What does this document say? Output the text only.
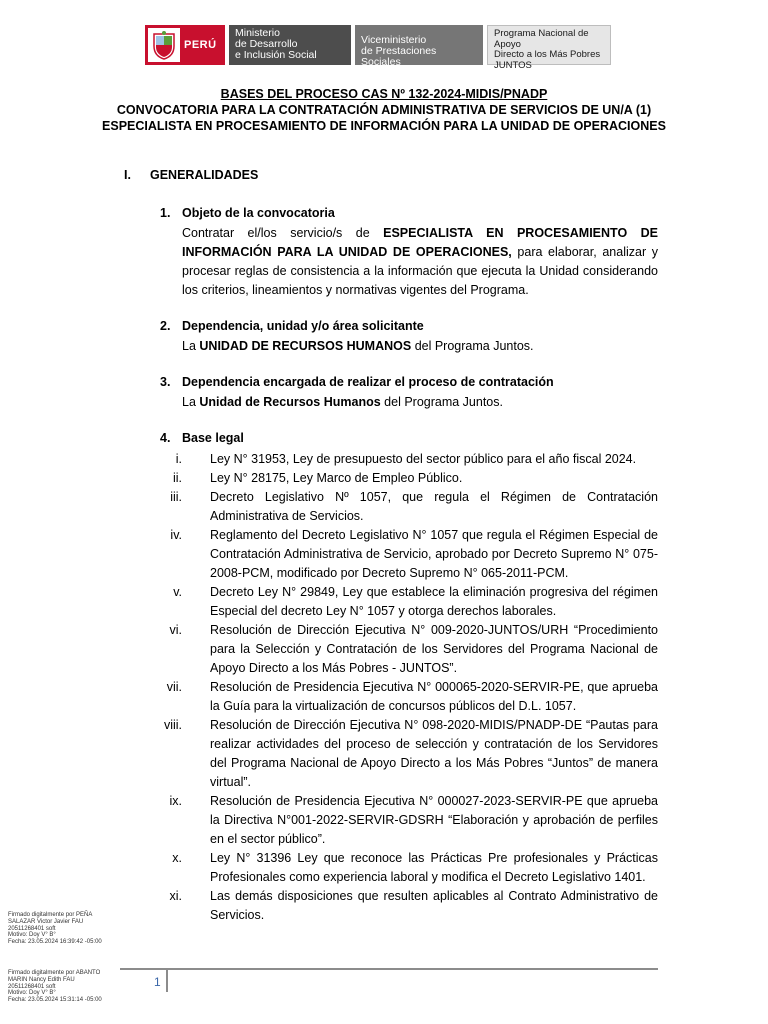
PERÚ
Ministerio
de Desarrollo
e Inclusión Social
Viceministerio
de Prestaciones Sociales
Programa Nacional de Apoyo
Directo a los Más Pobres
JUNTOS
BASES DEL PROCESO CAS Nº 132-2024-MIDIS/PNADP
CONVOCATORIA PARA LA CONTRATACIÓN ADMINISTRATIVA DE SERVICIOS DE UN/A (1)
ESPECIALISTA EN PROCESAMIENTO DE INFORMACIÓN PARA LA UNIDAD DE OPERACIONES
I. GENERALIDADES
1. Objeto de la convocatoria
Contratar el/los servicio/s de ESPECIALISTA EN PROCESAMIENTO DE INFORMACIÓN PARA LA UNIDAD DE OPERACIONES, para elaborar, analizar y procesar reglas de consistencia a la información que ejecuta la Unidad considerando los criterios, lineamientos y normativas vigentes del Programa.
2. Dependencia, unidad y/o área solicitante
La UNIDAD DE RECURSOS HUMANOS del Programa Juntos.
3. Dependencia encargada de realizar el proceso de contratación
La Unidad de Recursos Humanos del Programa Juntos.
4. Base legal
i. Ley N° 31953, Ley de presupuesto del sector público para el año fiscal 2024.
ii. Ley N° 28175, Ley Marco de Empleo Público.
iii. Decreto Legislativo Nº 1057, que regula el Régimen de Contratación Administrativa de Servicios.
iv. Reglamento del Decreto Legislativo N° 1057 que regula el Régimen Especial de Contratación Administrativa de Servicio, aprobado por Decreto Supremo N° 075-2008-PCM, modificado por Decreto Supremo N° 065-2011-PCM.
v. Decreto Ley N° 29849, Ley que establece la eliminación progresiva del régimen Especial del decreto Ley N° 1057 y otorga derechos laborales.
vi. Resolución de Dirección Ejecutiva N° 009-2020-JUNTOS/URH “Procedimiento para la Selección y Contratación de los Servidores del Programa Nacional de Apoyo Directo a los Más Pobres - JUNTOS”.
vii. Resolución de Presidencia Ejecutiva N° 000065-2020-SERVIR-PE, que aprueba la Guía para la virtualización de concursos públicos del D.L. 1057.
viii. Resolución de Dirección Ejecutiva N° 098-2020-MIDIS/PNADP-DE “Pautas para realizar actividades del proceso de selección y contratación de los Servidores del Programa Nacional de Apoyo Directo a los Más Pobres “Juntos” de manera virtual”.
ix. Resolución de Presidencia Ejecutiva N° 000027-2023-SERVIR-PE que aprueba la Directiva N°001-2022-SERVIR-GDSRH “Elaboración y aprobación de perfiles en el sector público”.
x. Ley N° 31396 Ley que reconoce las Prácticas Pre profesionales y Prácticas Profesionales como experiencia laboral y modifica el Decreto Legislativo 1401.
xi. Las demás disposiciones que resulten aplicables al Contrato Administrativo de Servicios.
Firmado digitalmente por PEÑA
SALAZAR Victor Javier FAU
20511268401 soft
Motivo: Doy V° B°
Fecha: 23.05.2024 16:39:42 -05:00
Firmado digitalmente por ABANTO
MARIN Nancy Edith FAU
20511268401 soft
Motivo: Doy V° B°
Fecha: 23.05.2024 15:31:14 -05:00
1
